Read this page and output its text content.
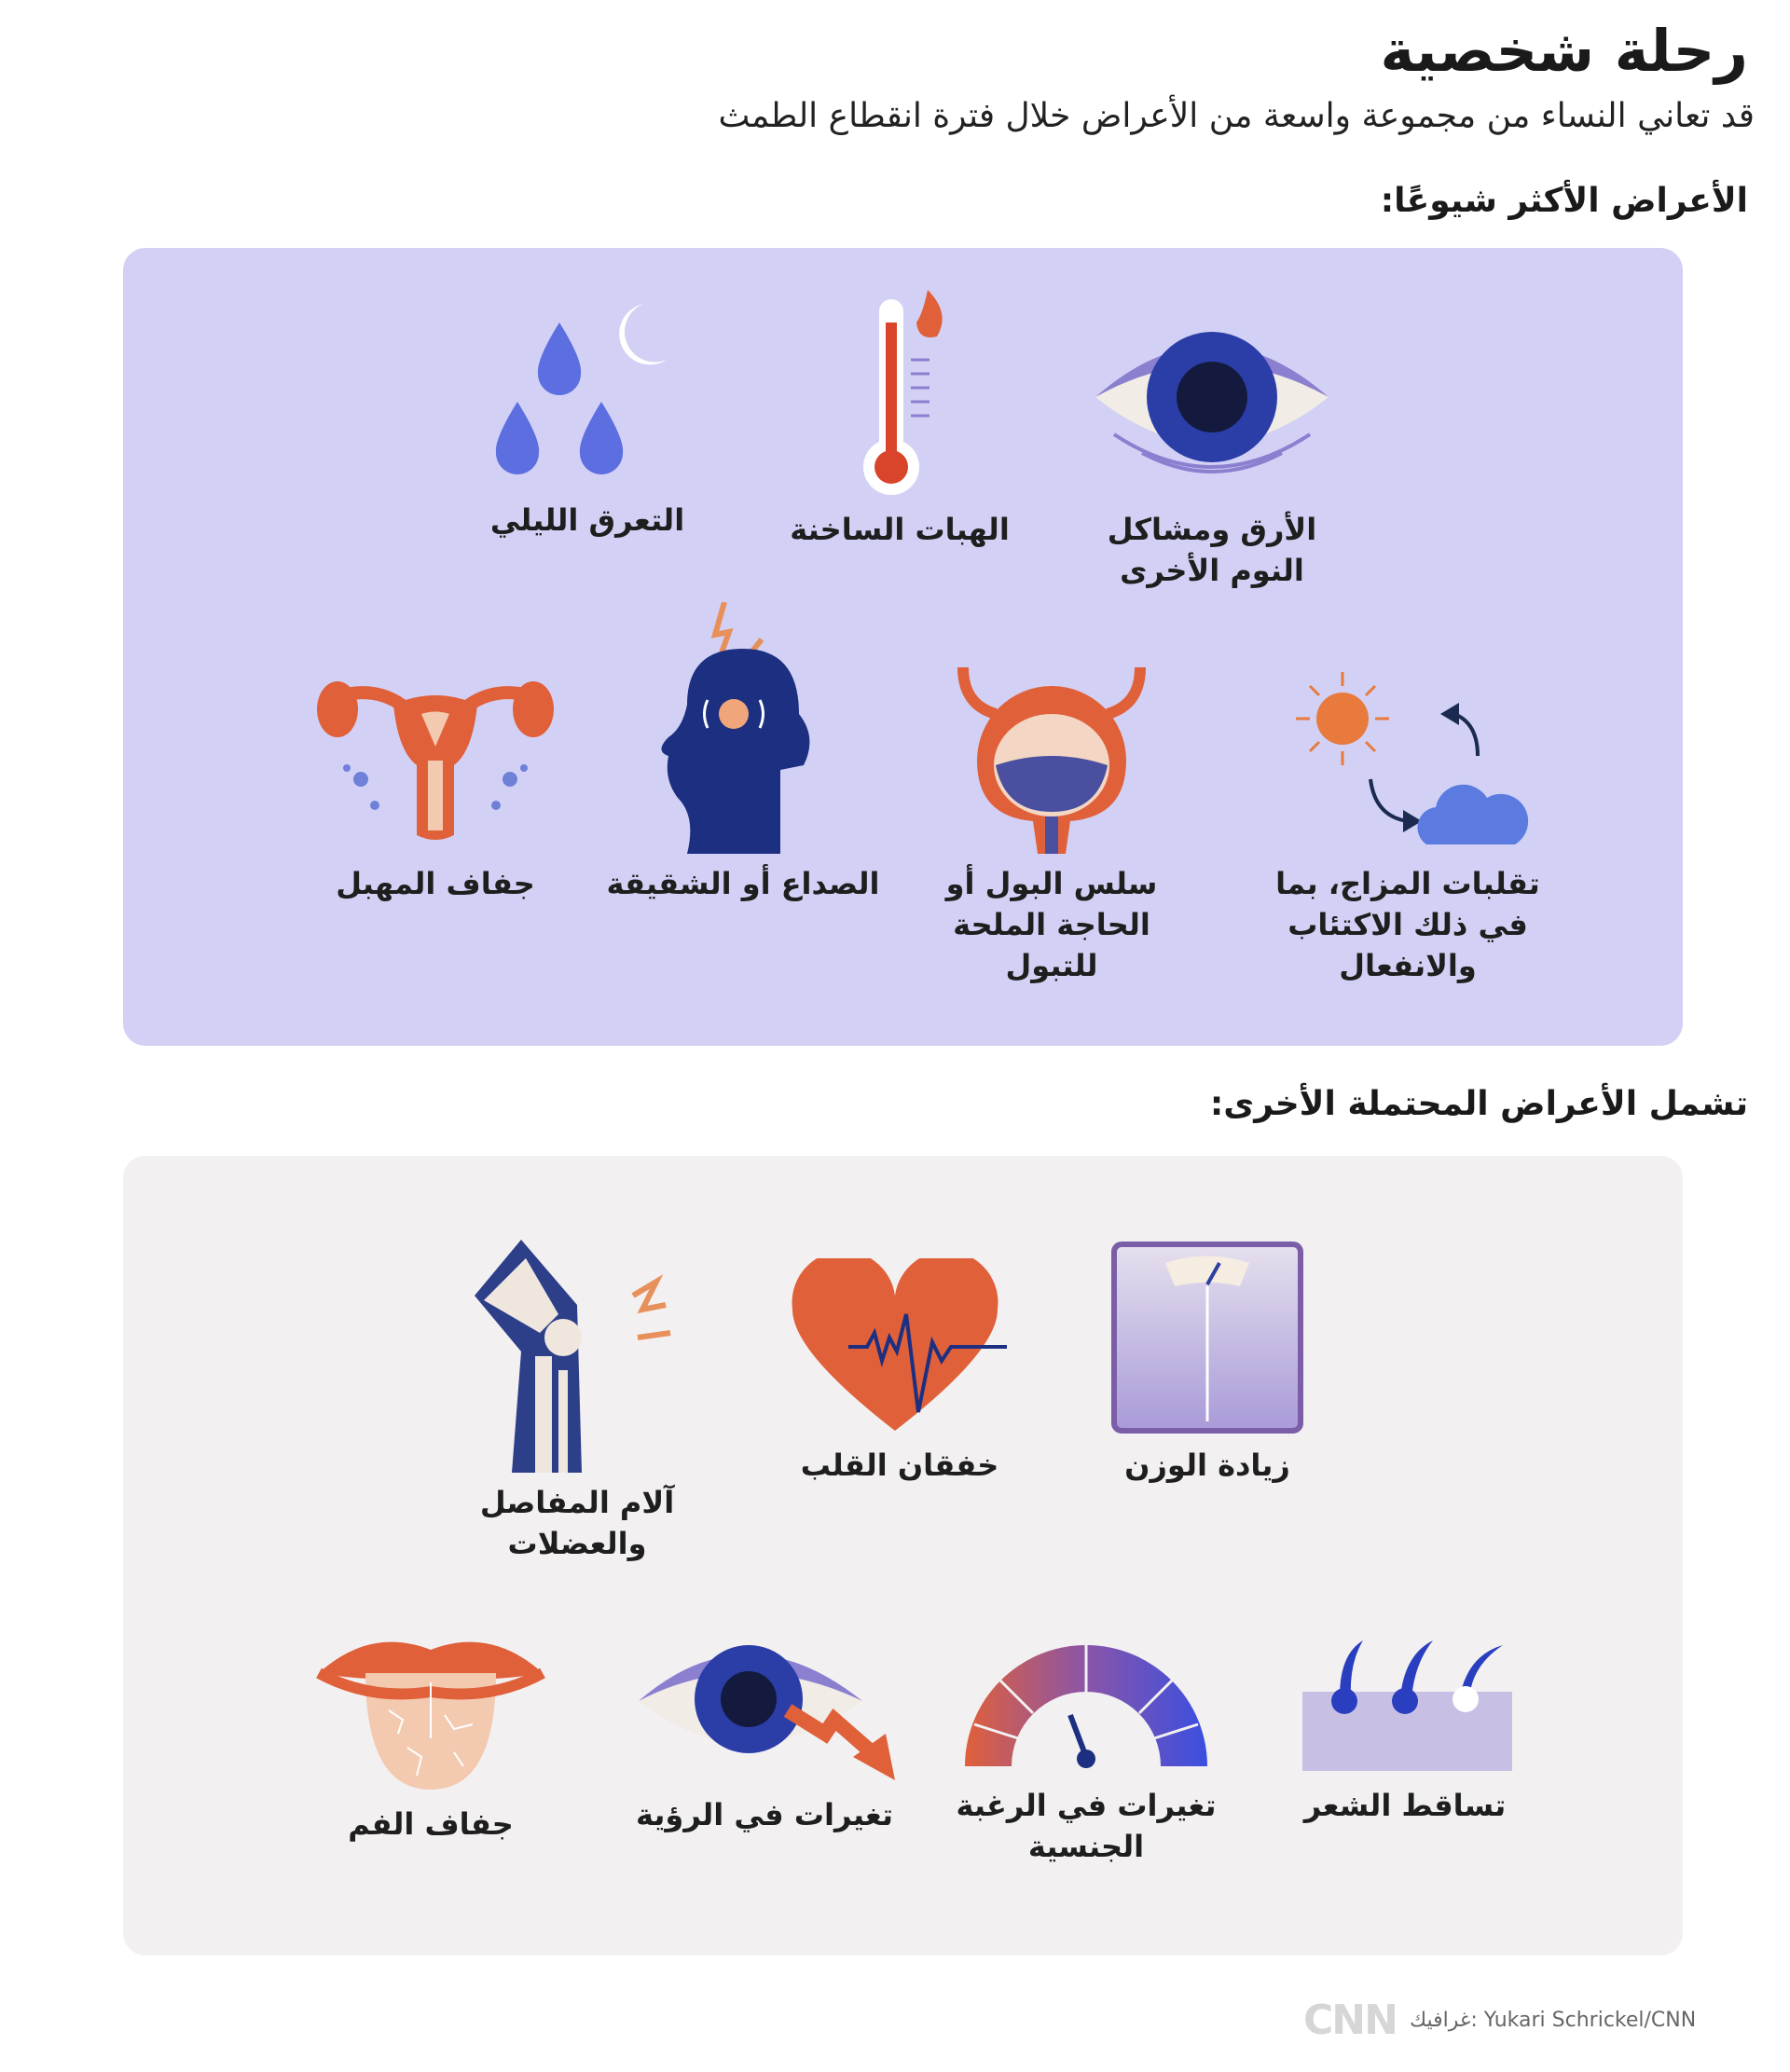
رحلة شخصية
قد تعاني النساء من مجموعة واسعة من الأعراض خلال فترة انقطاع الطمث
الأعراض الأكثر شيوعًا:
الأرق ومشاكل النوم الأخرى
الهبات الساخنة
التعرق الليلي
تقلبات المزاج، بما في ذلك الاكتئاب والانفعال
سلس البول أو الحاجة الملحة للتبول
الصداع أو الشقيقة
جفاف المهبل
تشمل الأعراض المحتملة الأخرى:
زيادة الوزن
خفقان القلب
آلام المفاصل والعضلات
تساقط الشعر
تغيرات في الرغبة الجنسية
تغيرات في الرؤية
جفاف الفم
CNN غرافيك: Yukari Schrickel/CNN
